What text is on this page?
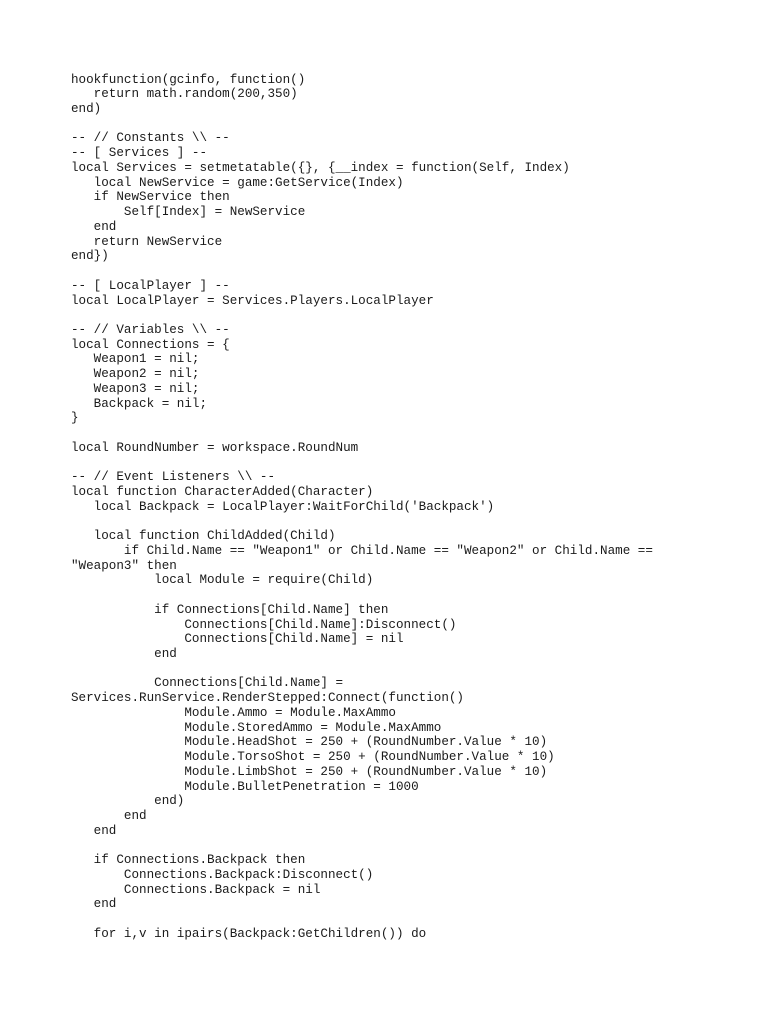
hookfunction(gcinfo, function()
return math.random(200,350)
end)
-- // Constants \\ --
-- [ Services ] --
local Services = setmetatable({}, {__index = function(Self, Index)
local NewService = game:GetService(Index)
if NewService then
Self[Index] = NewService
end
return NewService
end})
-- [ LocalPlayer ] --
local LocalPlayer = Services.Players.LocalPlayer
-- // Variables \\ --
local Connections = {
Weapon1 = nil;
Weapon2 = nil;
Weapon3 = nil;
Backpack = nil;
}
local RoundNumber = workspace.RoundNum
-- // Event Listeners \\ --
local function CharacterAdded(Character)
local Backpack = LocalPlayer:WaitForChild('Backpack')
local function ChildAdded(Child)
if Child.Name == "Weapon1" or Child.Name == "Weapon2" or Child.Name ==
"Weapon3" then
local Module = require(Child)
if Connections[Child.Name] then
Connections[Child.Name]:Disconnect()
Connections[Child.Name] = nil
end
Connections[Child.Name] =
Services.RunService.RenderStepped:Connect(function()
Module.Ammo = Module.MaxAmmo
Module.StoredAmmo = Module.MaxAmmo
Module.HeadShot = 250 + (RoundNumber.Value * 10)
Module.TorsoShot = 250 + (RoundNumber.Value * 10)
Module.LimbShot = 250 + (RoundNumber.Value * 10)
Module.BulletPenetration = 1000
end)
end
end
if Connections.Backpack then
Connections.Backpack:Disconnect()
Connections.Backpack = nil
end
for i,v in ipairs(Backpack:GetChildren()) do
